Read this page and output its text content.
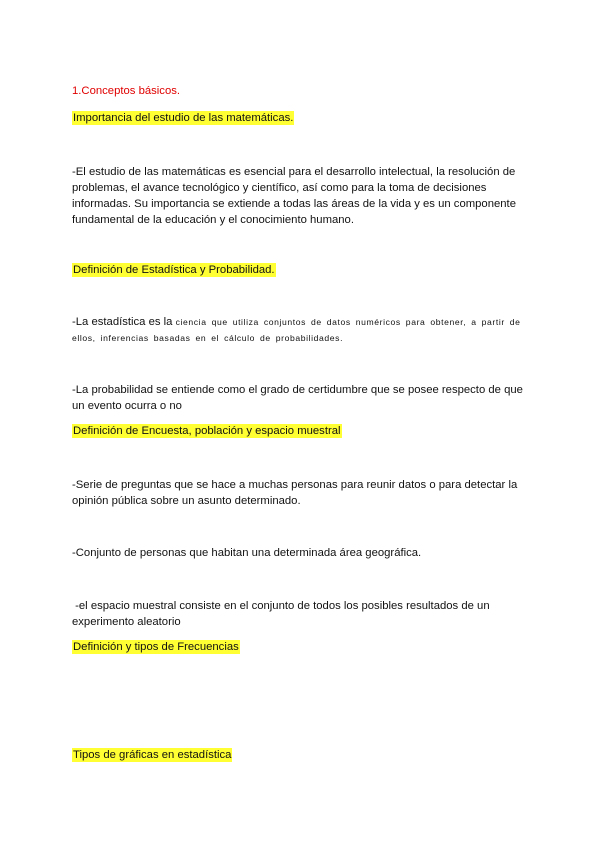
1.Conceptos básicos.
Importancia del estudio de las matemáticas.

-El estudio de las matemáticas es esencial para el desarrollo intelectual, la resolución de problemas, el avance tecnológico y científico, así como para la toma de decisiones informadas. Su importancia se extiende a todas las áreas de la vida y es un componente fundamental de la educación y el conocimiento humano.

Definición de Estadística y Probabilidad.

-La estadística es la ciencia que utiliza conjuntos de datos numéricos para obtener, a partir de ellos, inferencias basadas en el cálculo de probabilidades.

-La probabilidad se entiende como el grado de certidumbre que se posee respecto de que un evento ocurra o no

Definición de Encuesta, población y espacio muestral

-Serie de preguntas que se hace a muchas personas para reunir datos o para detectar la opinión pública sobre un asunto determinado.

-Conjunto de personas que habitan una determinada área geográfica.

-el espacio muestral consiste en el conjunto de todos los posibles resultados de un experimento aleatorio

Definición y tipos de Frecuencias
Tipos de gráficas en estadística
